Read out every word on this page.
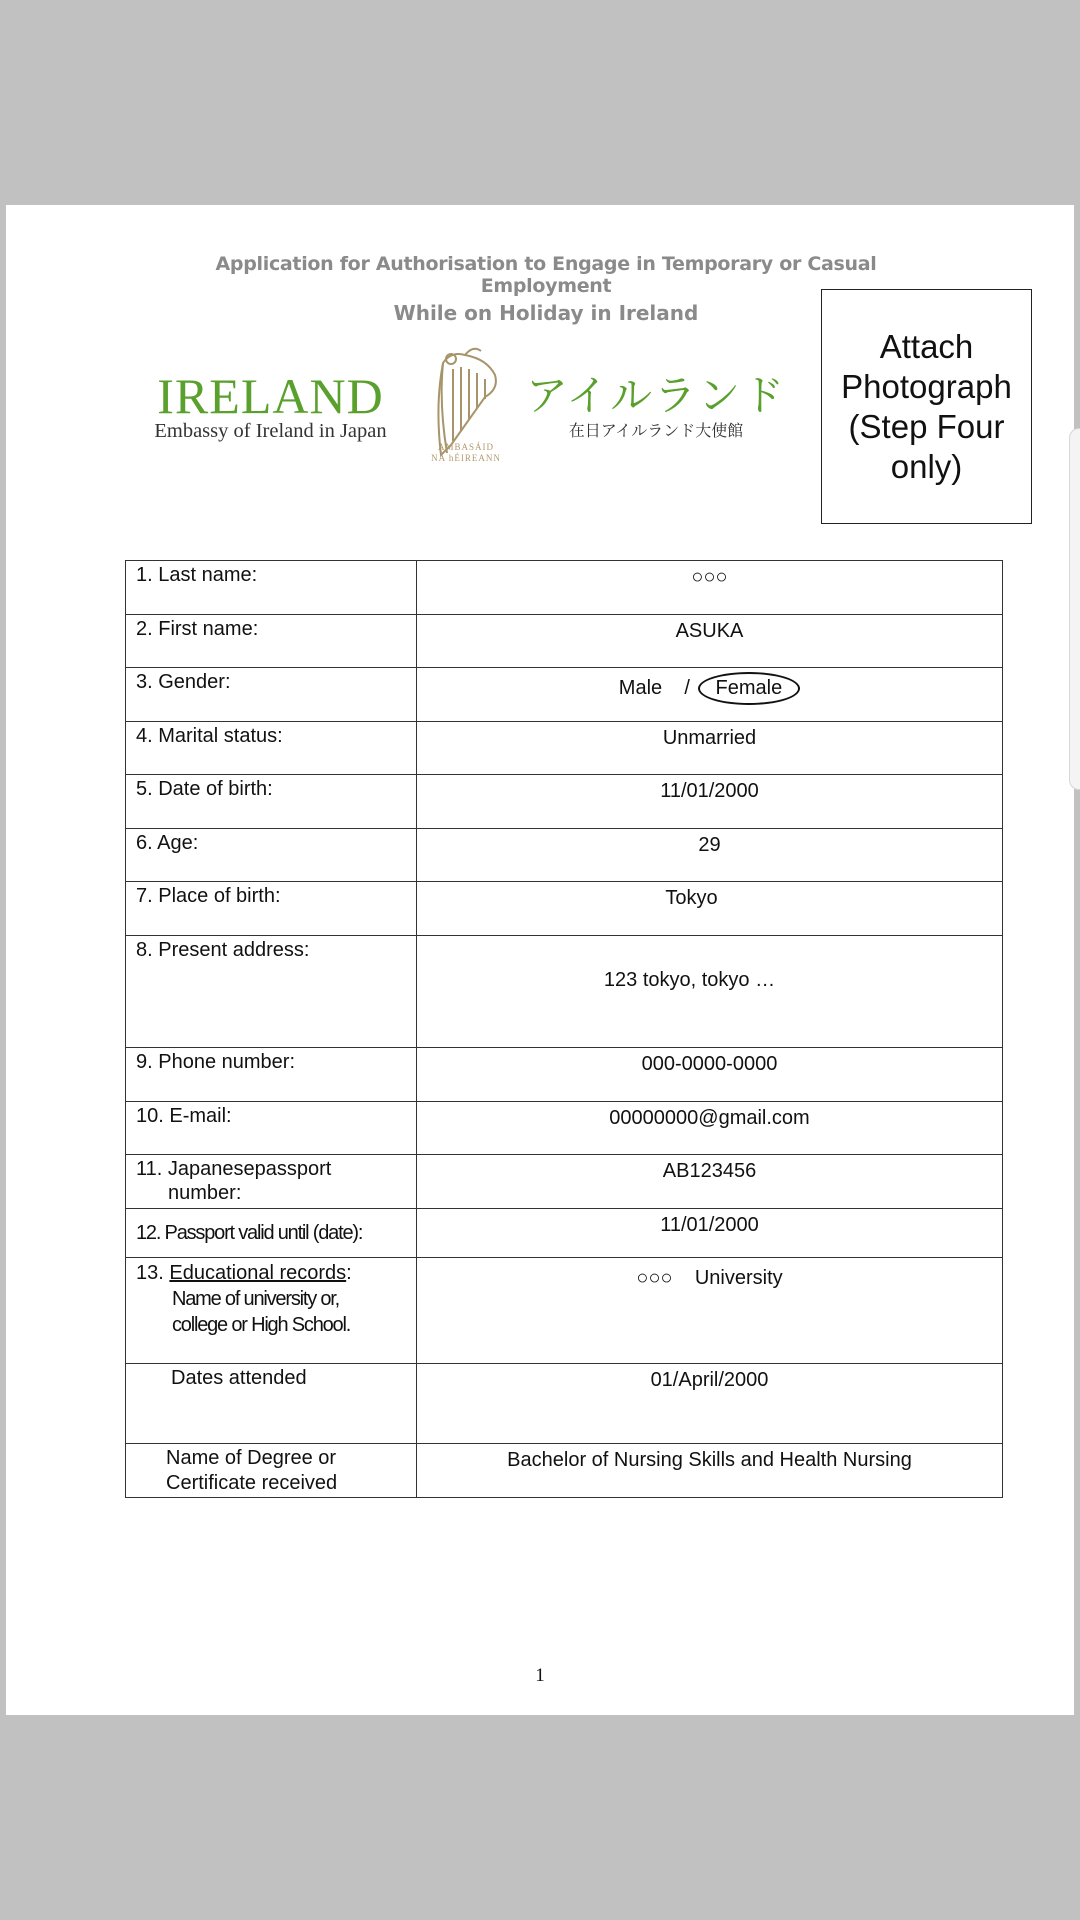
Application for Authorisation to Engage in Temporary or Casual Employment
While on Holiday in Ireland
IRELAND
Embassy of Ireland in Japan
AMBASÁID
NA hÉIREANN
アイルランド
在日アイルランド大使館
Attach Photograph (Step Four only)
1. Last name:	○○○
2. First name:	ASUKA
3. Gender:	Male / Female
4. Marital status:	Unmarried
5. Date of birth:	11/01/2000
6. Age:	29
7. Place of birth:	Tokyo
8. Present address:	123 tokyo, tokyo …
9. Phone number:	000-0000-0000
10. E-mail:	00000000@gmail.com
11. Japanesepassport
number:	AB123456
12. Passport valid until (date):	11/01/2000
13. Educational records:
Name of university or,
college or High School.	○○○ University
Dates attended	01/April/2000
Name of Degree or
Certificate received	Bachelor of Nursing Skills and Health Nursing
1
